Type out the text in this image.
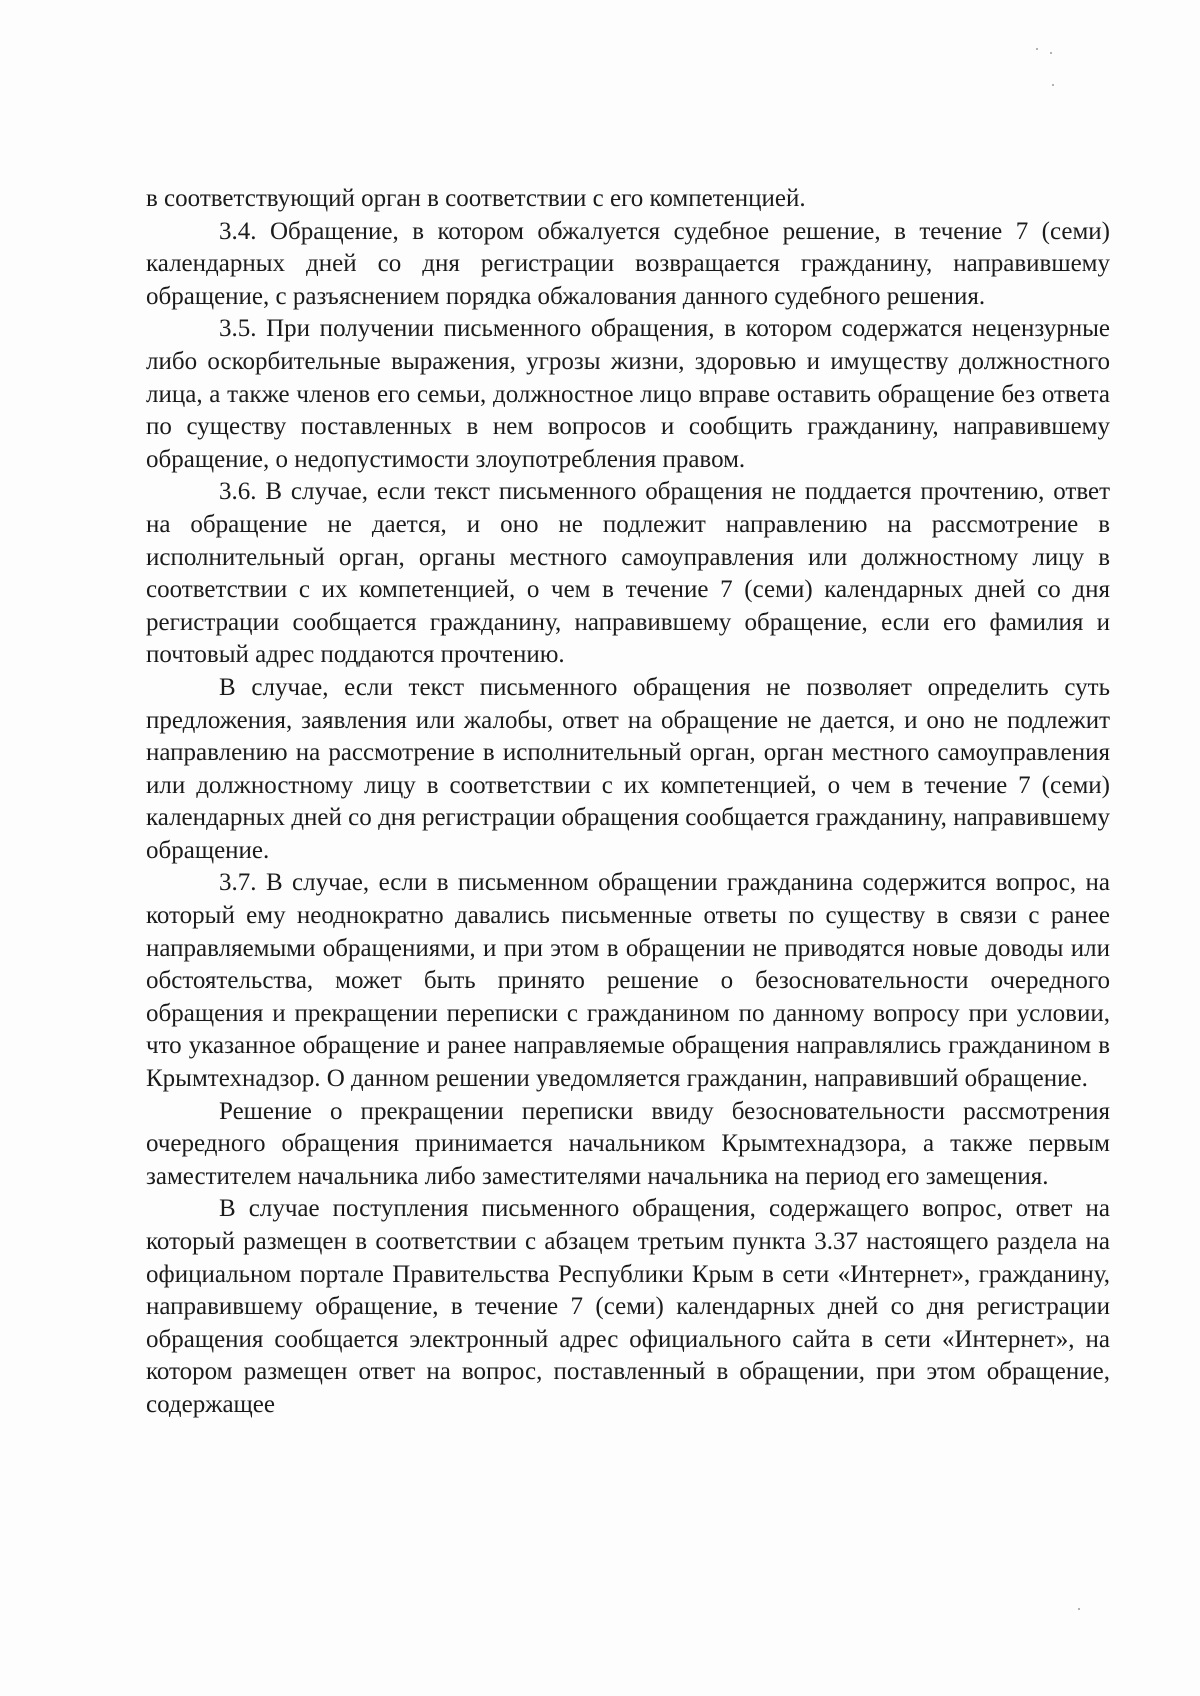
в соответствующий орган в соответствии с его компетенцией.

3.4. Обращение, в котором обжалуется судебное решение, в течение 7 (семи) календарных дней со дня регистрации возвращается гражданину, направившему обращение, с разъяснением порядка обжалования данного судебного решения.

3.5. При получении письменного обращения, в котором содержатся нецензурные либо оскорбительные выражения, угрозы жизни, здоровью и имуществу должностного лица, а также членов его семьи, должностное лицо вправе оставить обращение без ответа по существу поставленных в нем вопросов и сообщить гражданину, направившему обращение, о недопустимости злоупотребления правом.

3.6. В случае, если текст письменного обращения не поддается прочтению, ответ на обращение не дается, и оно не подлежит направлению на рассмотрение в исполнительный орган, органы местного самоуправления или должностному лицу в соответствии с их компетенцией, о чем в течение 7 (семи) календарных дней со дня регистрации сообщается гражданину, направившему обращение, если его фамилия и почтовый адрес поддаются прочтению.

В случае, если текст письменного обращения не позволяет определить суть предложения, заявления или жалобы, ответ на обращение не дается, и оно не подлежит направлению на рассмотрение в исполнительный орган, орган местного самоуправления или должностному лицу в соответствии с их компетенцией, о чем в течение 7 (семи) календарных дней со дня регистрации обращения сообщается гражданину, направившему обращение.

3.7. В случае, если в письменном обращении гражданина содержится вопрос, на который ему неоднократно давались письменные ответы по существу в связи с ранее направляемыми обращениями, и при этом в обращении не приводятся новые доводы или обстоятельства, может быть принято решение о безосновательности очередного обращения и прекращении переписки с гражданином по данному вопросу при условии, что указанное обращение и ранее направляемые обращения направлялись гражданином в Крымтехнадзор. О данном решении уведомляется гражданин, направивший обращение.

Решение о прекращении переписки ввиду безосновательности рассмотрения очередного обращения принимается начальником Крымтехнадзора, а также первым заместителем начальника либо заместителями начальника на период его замещения.

В случае поступления письменного обращения, содержащего вопрос, ответ на который размещен в соответствии с абзацем третьим пункта 3.37 настоящего раздела на официальном портале Правительства Республики Крым в сети «Интернет», гражданину, направившему обращение, в течение 7 (семи) календарных дней со дня регистрации обращения сообщается электронный адрес официального сайта в сети «Интернет», на котором размещен ответ на вопрос, поставленный в обращении, при этом обращение, содержащее
